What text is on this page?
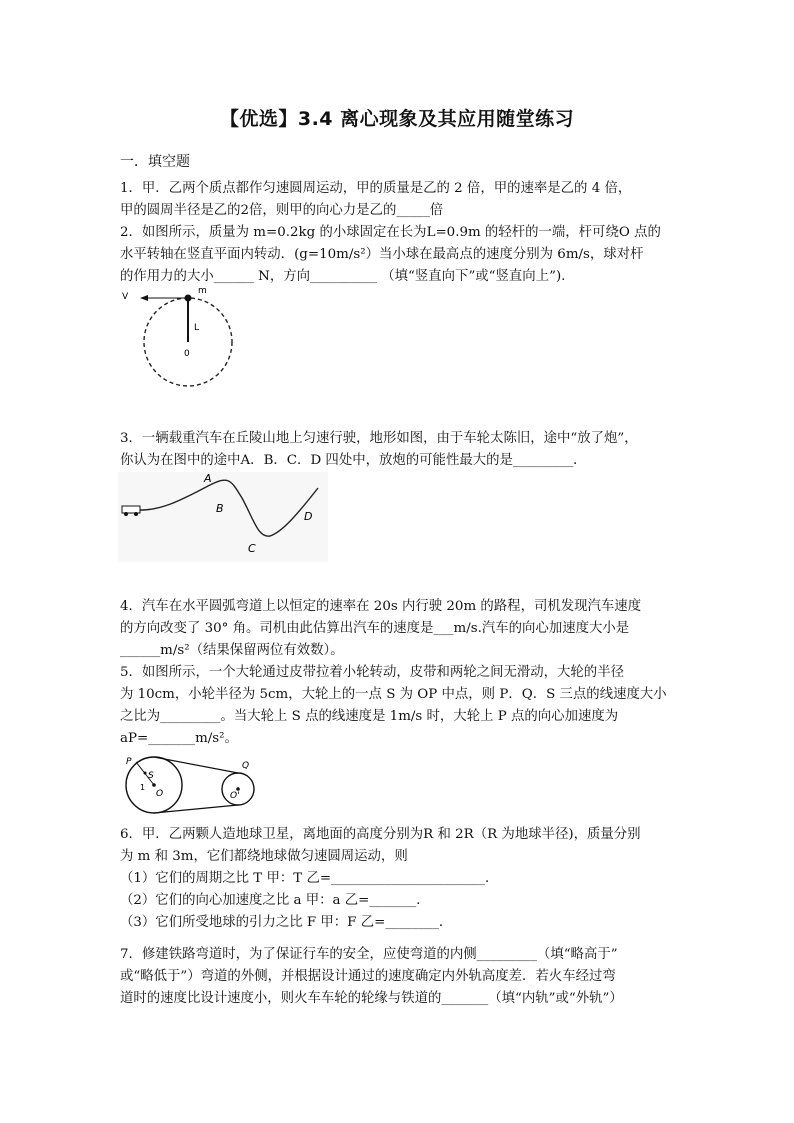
【优选】3.4 离心现象及其应用随堂练习
一．填空题
1．甲．乙两个质点都作匀速圆周运动，甲的质量是乙的 2 倍，甲的速率是乙的 4 倍，
甲的圆周半径是乙的2倍，则甲的向心力是乙的_____倍
2．如图所示，质量为 m=0.2kg 的小球固定在长为L=0.9m 的轻杆的一端，杆可绕O 点的
水平转轴在竖直平面内转动．(g=10m/s²）当小球在最高点的速度分别为 6m/s，球对杆
的作用力的大小______ N，方向__________ （填“竖直向下”或“竖直向上”).
V
m
L
0
3．一辆载重汽车在丘陵山地上匀速行驶，地形如图，由于车轮太陈旧，途中“放了炮”，
你认为在图中的途中A．B．C．D 四处中，放炮的可能性最大的是_________．
A
B
C
D
4．汽车在水平圆弧弯道上以恒定的速率在 20s 内行驶 20m 的路程，司机发现汽车速度
的方向改变了 30° 角。司机由此估算出汽车的速度是___m/s.汽车的向心加速度大小是
______m/s²（结果保留两位有效数）。
5．如图所示，一个大轮通过皮带拉着小轮转动，皮带和两轮之间无滑动，大轮的半径
为 10cm，小轮半径为 5cm，大轮上的一点 S 为 OP 中点，则 P．Q．S 三点的线速度大小
之比为_________。当大轮上 S 点的线速度是 1m/s 时，大轮上 P 点的向心加速度为
aP=_______m/s²。
P
S
1
O
Q
O'
6．甲．乙两颗人造地球卫星，离地面的高度分别为R 和 2R（R 为地球半径)，质量分别
为 m 和 3m，它们都绕地球做匀速圆周运动，则
（1）它们的周期之比 T 甲：T 乙=_______________________．
（2）它们的向心加速度之比 a 甲：a 乙=_______．
（3）它们所受地球的引力之比 F 甲：F 乙=________．
7．修建铁路弯道时，为了保证行车的安全，应使弯道的内侧_________（填“略高于”
或“略低于”）弯道的外侧，并根据设计通过的速度确定内外轨高度差．若火车经过弯
道时的速度比设计速度小，则火车车轮的轮缘与铁道的_______（填“内轨”或“外轨”）
